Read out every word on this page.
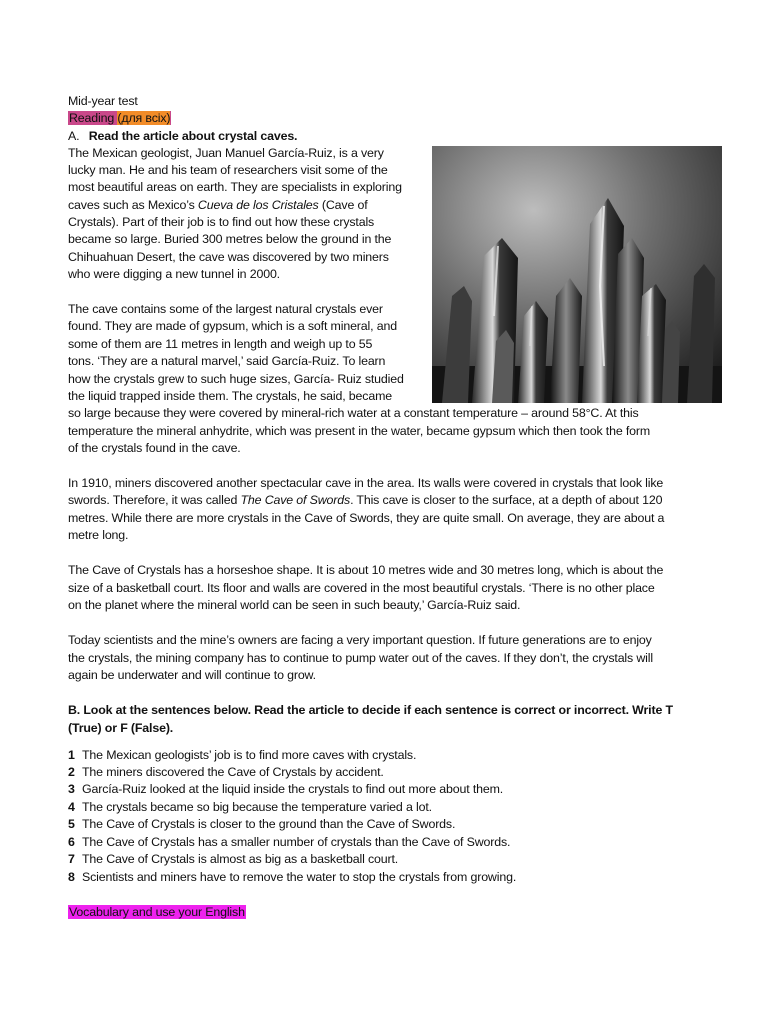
Mid-year test
Reading (для всіх)
A. Read the article about crystal caves.
The Mexican geologist, Juan Manuel García-Ruiz, is a very
lucky man. He and his team of researchers visit some of the
most beautiful areas on earth. They are specialists in exploring
caves such as Mexico’s Cueva de los Cristales (Cave of
Crystals). Part of their job is to find out how these crystals
became so large. Buried 300 metres below the ground in the
Chihuahuan Desert, the cave was discovered by two miners
who were digging a new tunnel in 2000.
The cave contains some of the largest natural crystals ever
found. They are made of gypsum, which is a soft mineral, and
some of them are 11 metres in length and weigh up to 55
tons. ‘They are a natural marvel,’ said García-Ruiz. To learn
how the crystals grew to such huge sizes, García- Ruiz studied
the liquid trapped inside them. The crystals, he said, became
so large because they were covered by mineral-rich water at a constant temperature – around 58°C. At this
temperature the mineral anhydrite, which was present in the water, became gypsum which then took the form
of the crystals found in the cave.
In 1910, miners discovered another spectacular cave in the area. Its walls were covered in crystals that look like
swords. Therefore, it was called The Cave of Swords. This cave is closer to the surface, at a depth of about 120
metres. While there are more crystals in the Cave of Swords, they are quite small. On average, they are about a
metre long.
The Cave of Crystals has a horseshoe shape. It is about 10 metres wide and 30 metres long, which is about the
size of a basketball court. Its floor and walls are covered in the most beautiful crystals. ‘There is no other place
on the planet where the mineral world can be seen in such beauty,’ García-Ruiz said.
Today scientists and the mine’s owners are facing a very important question. If future generations are to enjoy
the crystals, the mining company has to continue to pump water out of the caves. If they don’t, the crystals will
again be underwater and will continue to grow.
B. Look at the sentences below. Read the article to decide if each sentence is correct or incorrect. Write T
(True) or F (False).
1 The Mexican geologists’ job is to find more caves with crystals.
2 The miners discovered the Cave of Crystals by accident.
3 García-Ruiz looked at the liquid inside the crystals to find out more about them.
4 The crystals became so big because the temperature varied a lot.
5 The Cave of Crystals is closer to the ground than the Cave of Swords.
6 The Cave of Crystals has a smaller number of crystals than the Cave of Swords.
7 The Cave of Crystals is almost as big as a basketball court.
8 Scientists and miners have to remove the water to stop the crystals from growing.
Vocabulary and use your English
